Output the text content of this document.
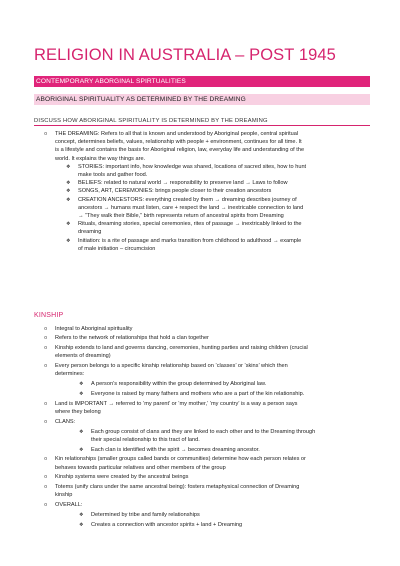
RELIGION IN AUSTRALIA – POST 1945
CONTEMPORARY ABORGINAL SPIRTUALITIES
ABORIGINAL SPIRITUALITY AS DETERMINED BY THE DREAMING
DISCUSS HOW ABORIGINAL SPIRITUALITY IS DETERMINED BY THE DREAMING
o	THE DREAMING: Refers to all that is known and understood by Aboriginal people, central spiritual
concept, determines beliefs, values, relationship with people + environment, continues for all time. It
is a lifestyle and contains the basis for Aboriginal religion, law, everyday life and understanding of the
world. It explains the way things are.
❖	STORIES: important info, how knowledge was shared, locations of sacred sites, how to hunt
make tools and gather food.
❖	BELIEFS: related to natural world → responsibility to preserve land → Laws to follow
❖	SONGS, ART, CEREMONIES: brings people closer to their creation ancestors
❖	CREATION ANCESTORS: everything created by them → dreaming describes journey of
ancestors → humans must listen, care + respect the land → inextricable connection to land
→ “They walk their Bible,” birth represents return of ancestral spirits from Dreaming
❖	Rituals, dreaming stories, special ceremonies, rites of passage → inextricably linked to the
dreaming
❖	Initiation: is a rite of passage and marks transition from childhood to adulthood → example
of male initiation – circumcision
KINSHIP
o	Integral to Aboriginal spirituality
o	Refers to the network of relationships that hold a clan together
o	Kinship extends to land and governs dancing, ceremonies, hunting parties and raising children (crucial
elements of dreaming)
o	Every person belongs to a specific kinship relationship based on ‘classes’ or ‘skins’ which then
determines:
❖	A person’s responsibility within the group determined by Aboriginal law.
❖	Everyone is raised by many fathers and mothers who are a part of the kin relationship.
o	Land is IMPORTANT → referred to ‘my parent’ or ‘my mother,’ ‘my country’ is a way a person says
where they belong
o	CLANS:
❖	Each group consist of clans and they are linked to each other and to the Dreaming through
their special relationship to this tract of land.
❖	Each clan is identified with the spirit → becomes dreaming ancestor.
o	Kin relationships (smaller groups called bands or communities) determine how each person relates or
behaves towards particular relatives and other members of the group
o	Kinship systems were created by the ancestral beings
o	Totems (unify clans under the same ancestral being): fosters metaphysical connection of Dreaming
kinship
o	OVERALL:
❖	Determined by tribe and family relationships
❖	Creates a connection with ancestor spirits + land + Dreaming
